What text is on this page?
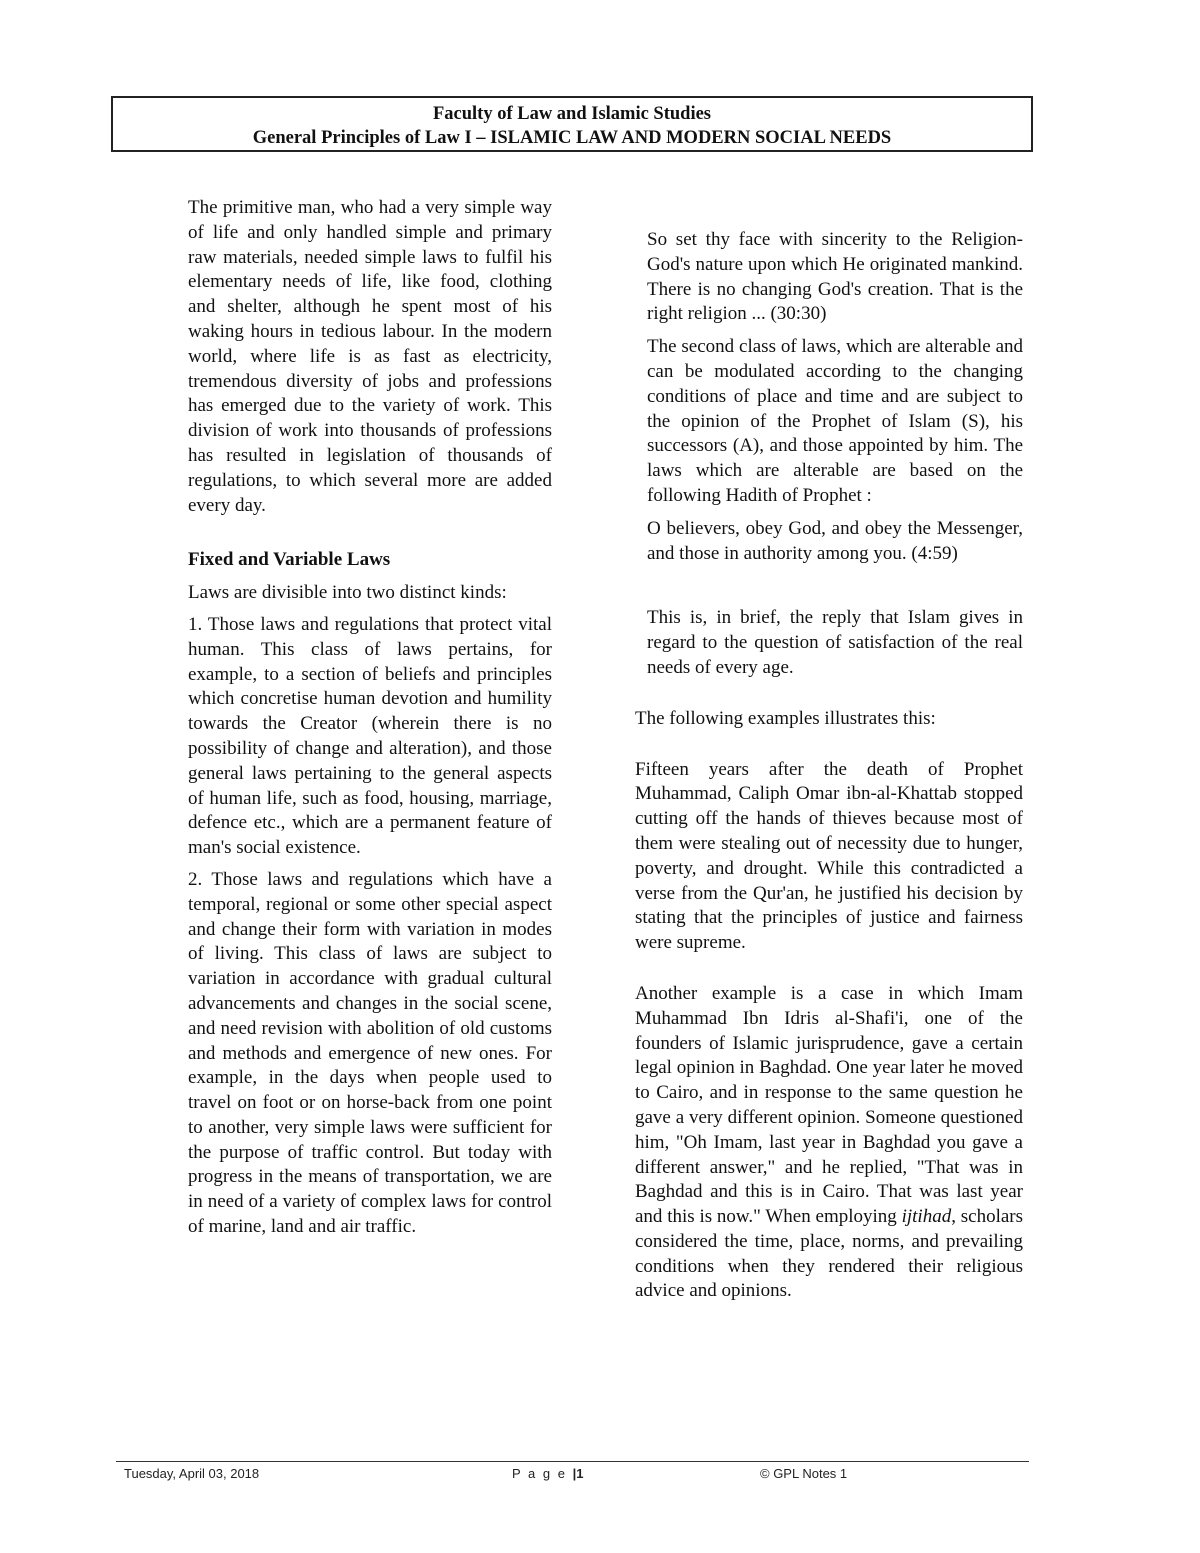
Faculty of Law and Islamic Studies
General Principles of Law I – ISLAMIC LAW AND MODERN SOCIAL NEEDS

The primitive man, who had a very simple way of life and only handled simple and primary raw materials, needed simple laws to fulfil his elementary needs of life, like food, clothing and shelter, although he spent most of his waking hours in tedious labour. In the modern world, where life is as fast as electricity, tremendous diversity of jobs and professions has emerged due to the variety of work. This division of work into thousands of professions has resulted in legislation of thousands of regulations, to which several more are added every day.

Fixed and Variable Laws

Laws are divisible into two distinct kinds:

1. Those laws and regulations that protect vital human. This class of laws pertains, for example, to a section of beliefs and principles which concretise human devotion and humility towards the Creator (wherein there is no possibility of change and alteration), and those general laws pertaining to the general aspects of human life, such as food, housing, marriage, defence etc., which are a permanent feature of man's social existence.

2. Those laws and regulations which have a temporal, regional or some other special aspect and change their form with variation in modes of living. This class of laws are subject to variation in accordance with gradual cultural advancements and changes in the social scene, and need revision with abolition of old customs and methods and emergence of new ones. For example, in the days when people used to travel on foot or on horse-back from one point to another, very simple laws were sufficient for the purpose of traffic control. But today with progress in the means of transportation, we are in need of a variety of complex laws for control of marine, land and air traffic.

So set thy face with sincerity to the Religion-God's nature upon which He originated mankind. There is no changing God's creation. That is the right religion ... (30:30)

The second class of laws, which are alterable and can be modulated according to the changing conditions of place and time and are subject to the opinion of the Prophet of Islam (S), his successors (A), and those appointed by him. The laws which are alterable are based on the following Hadith of Prophet :

O believers, obey God, and obey the Messenger, and those in authority among you. (4:59)

This is, in brief, the reply that Islam gives in regard to the question of satisfaction of the real needs of every age.

The following examples illustrates this:

Fifteen years after the death of Prophet Muhammad, Caliph Omar ibn-al-Khattab stopped cutting off the hands of thieves because most of them were stealing out of necessity due to hunger, poverty, and drought. While this contradicted a verse from the Qur'an, he justified his decision by stating that the principles of justice and fairness were supreme.

Another example is a case in which Imam Muhammad Ibn Idris al-Shafi'i, one of the founders of Islamic jurisprudence, gave a certain legal opinion in Baghdad. One year later he moved to Cairo, and in response to the same question he gave a very different opinion. Someone questioned him, "Oh Imam, last year in Baghdad you gave a different answer," and he replied, "That was in Baghdad and this is in Cairo. That was last year and this is now." When employing ijtihad, scholars considered the time, place, norms, and prevailing conditions when they rendered their religious advice and opinions.

Tuesday, April 03, 2018	P a g e |1	© GPL Notes 1
